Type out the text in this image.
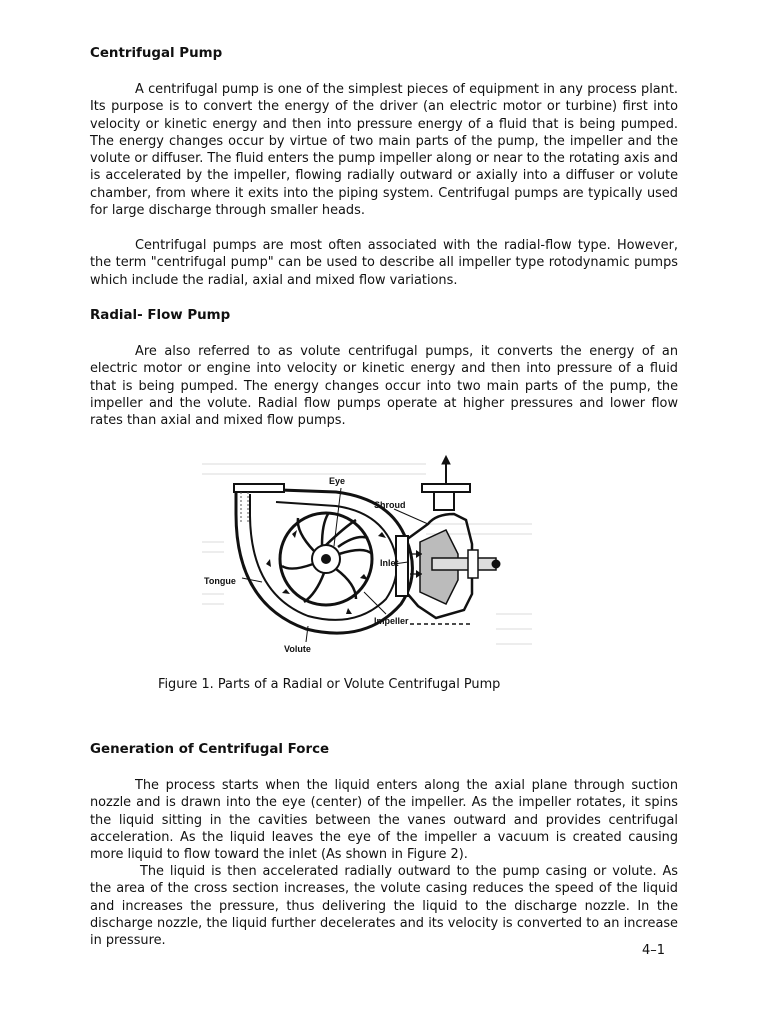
Centrifugal Pump

A centrifugal pump is one of the simplest pieces of equipment in any process plant. Its purpose is to convert the energy of the driver (an electric motor or turbine) first into velocity or kinetic energy and then into pressure energy of a fluid that is being pumped. The energy changes occur by virtue of two main parts of the pump, the impeller and the volute or diffuser. The fluid enters the pump impeller along or near to the rotating axis and is accelerated by the impeller, flowing radially outward or axially into a diffuser or volute chamber, from where it exits into the piping system. Centrifugal pumps are typically used for large discharge through smaller heads.

Centrifugal pumps are most often associated with the radial-flow type. However, the term "centrifugal pump" can be used to describe all impeller type rotodynamic pumps which include the radial, axial and mixed flow variations.

Radial- Flow Pump

Are also referred to as volute centrifugal pumps, it converts the energy of an electric motor or engine into velocity or kinetic energy and then into pressure of a fluid that is being pumped. The energy changes occur into two main parts of the pump, the impeller and the volute. Radial flow pumps operate at higher pressures and lower flow rates than axial and mixed flow pumps.

Eye
Shroud
Inlet
Tongue
Impeller
Volute
Figure 1. Parts of a Radial or Volute Centrifugal Pump
Generation of Centrifugal Force

The process starts when the liquid enters along the axial plane through suction nozzle and is drawn into the eye (center) of the impeller. As the impeller rotates, it spins the liquid sitting in the cavities between the vanes outward and provides centrifugal acceleration. As the liquid leaves the eye of the impeller a vacuum is created causing more liquid to flow toward the inlet (As shown in Figure 2).

The liquid is then accelerated radially outward to the pump casing or volute. As the area of the cross section increases, the volute casing reduces the speed of the liquid and increases the pressure, thus delivering the liquid to the discharge nozzle. In the discharge nozzle, the liquid further decelerates and its velocity is converted to an increase in pressure.

4–1
